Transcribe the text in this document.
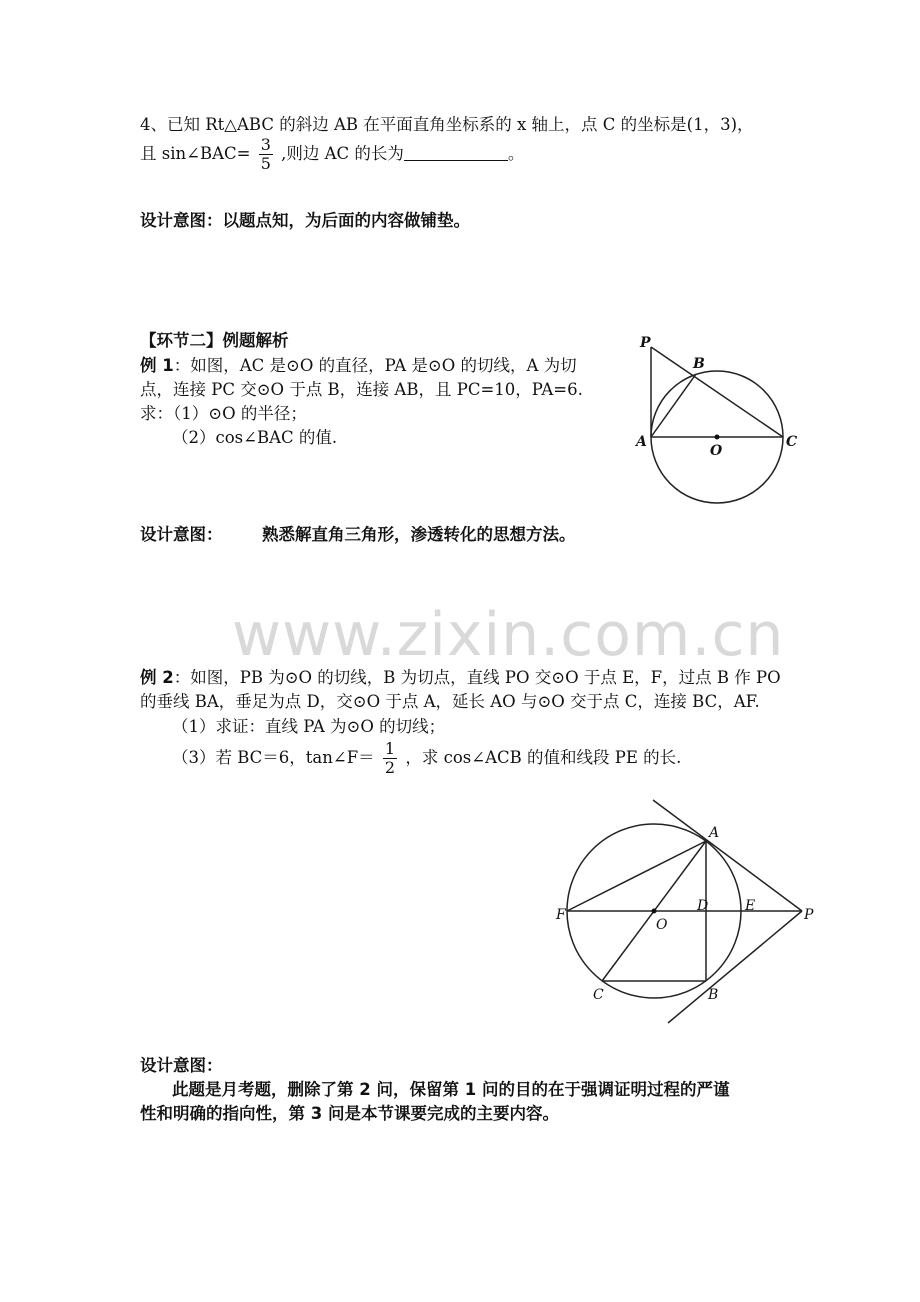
4、已知 Rt△ABC 的斜边 AB 在平面直角坐标系的 x 轴上，点 C 的坐标是(1，3)，
且 sin∠BAC= $\frac{3}{5}$ ,则边 AC 的长为	。
设计意图：以题点知，为后面的内容做铺垫。
【环节二】例题解析
例 1：如图，AC 是⊙O 的直径，PA 是⊙O 的切线，A 为切
点，连接 PC 交⊙O 于点 B，连接 AB，且 PC=10，PA=6.
求：（1）⊙O 的半径；
（2）cos∠BAC 的值.
P
B
A
O
C
设计意图： 熟悉解直角三角形，渗透转化的思想方法。
www.zixin.com.cn
例 2：如图，PB 为⊙O 的切线，B 为切点，直线 PO 交⊙O 于点 E，F，过点 B 作 PO
的垂线 BA，垂足为点 D，交⊙O 于点 A，延长 AO 与⊙O 交于点 C，连接 BC，AF.
（1）求证：直线 PA 为⊙O 的切线；
（3）若 BC＝6，tan∠F＝ $\frac{1}{2}$ ，求 cos∠ACB 的值和线段 PE 的长.
A
F
O
D	E
P
C	B
设计意图：
此题是月考题，删除了第 2 问，保留第 1 问的目的在于强调证明过程的严谨
性和明确的指向性，第 3 问是本节课要完成的主要内容。
